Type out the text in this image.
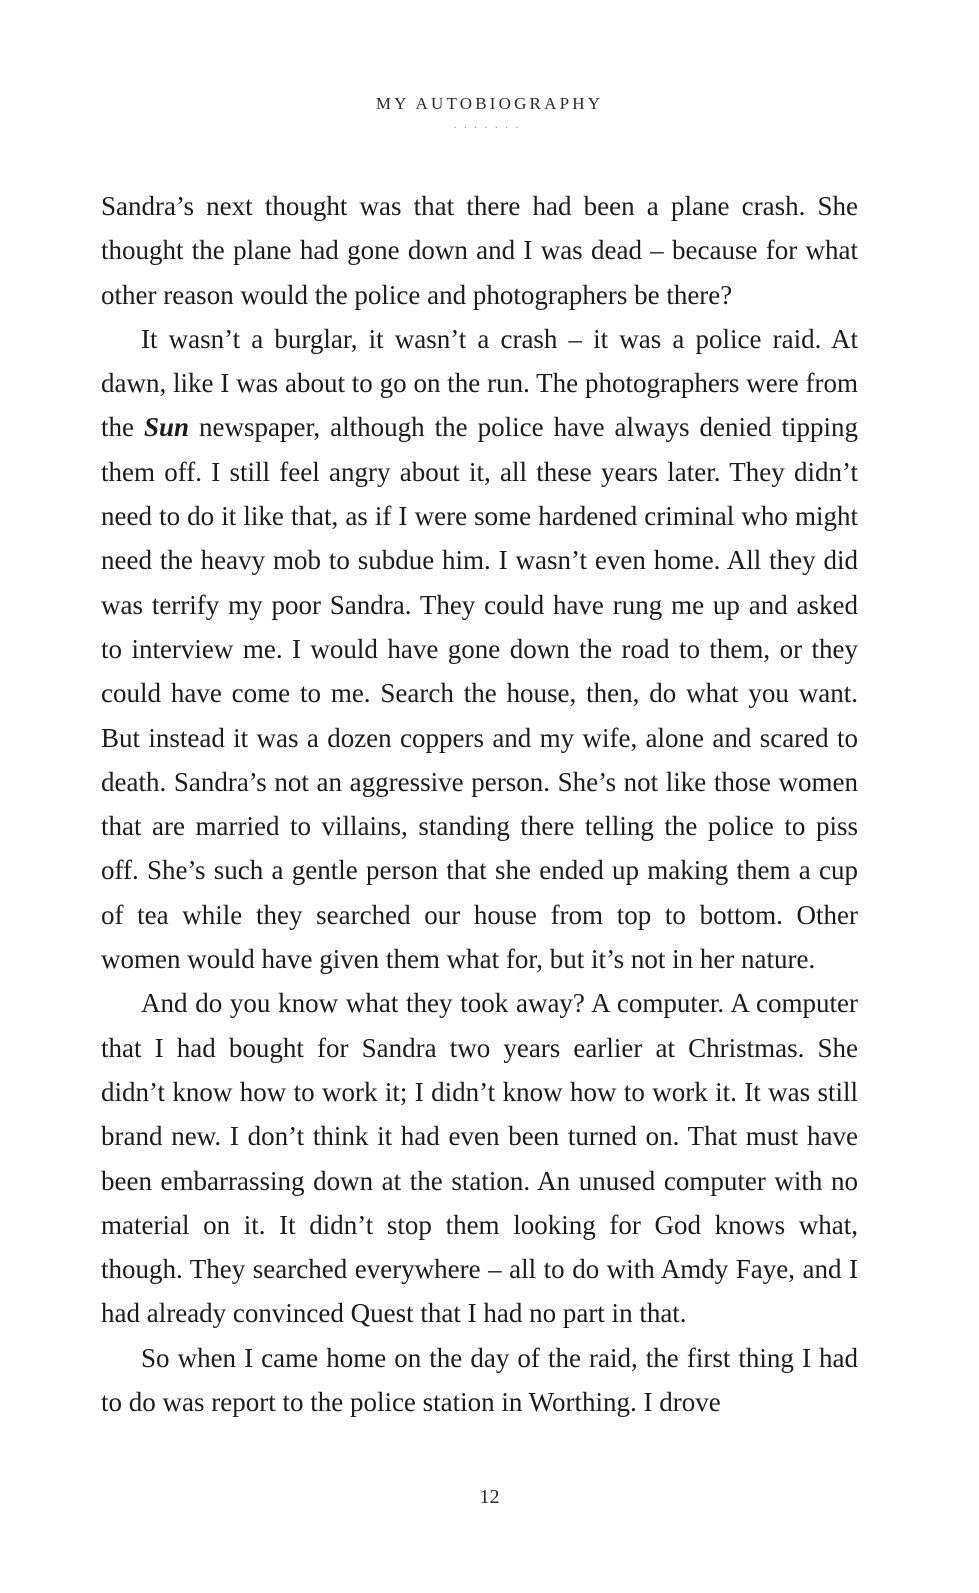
MY AUTOBIOGRAPHY
·······

Sandra’s next thought was that there had been a plane crash. She thought the plane had gone down and I was dead – because for what other reason would the police and photographers be there?

It wasn’t a burglar, it wasn’t a crash – it was a police raid. At dawn, like I was about to go on the run. The photographers were from the Sun newspaper, although the police have always denied tipping them off. I still feel angry about it, all these years later. They didn’t need to do it like that, as if I were some hardened criminal who might need the heavy mob to subdue him. I wasn’t even home. All they did was terrify my poor Sandra. They could have rung me up and asked to interview me. I would have gone down the road to them, or they could have come to me. Search the house, then, do what you want. But instead it was a dozen coppers and my wife, alone and scared to death. Sandra’s not an aggressive person. She’s not like those women that are married to villains, standing there telling the police to piss off. She’s such a gentle person that she ended up making them a cup of tea while they searched our house from top to bottom. Other women would have given them what for, but it’s not in her nature.

And do you know what they took away? A computer. A computer that I had bought for Sandra two years earlier at Christmas. She didn’t know how to work it; I didn’t know how to work it. It was still brand new. I don’t think it had even been turned on. That must have been embarrassing down at the station. An unused computer with no material on it. It didn’t stop them looking for God knows what, though. They searched everywhere – all to do with Amdy Faye, and I had already convinced Quest that I had no part in that.

So when I came home on the day of the raid, the first thing I had to do was report to the police station in Worthing. I drove

12
